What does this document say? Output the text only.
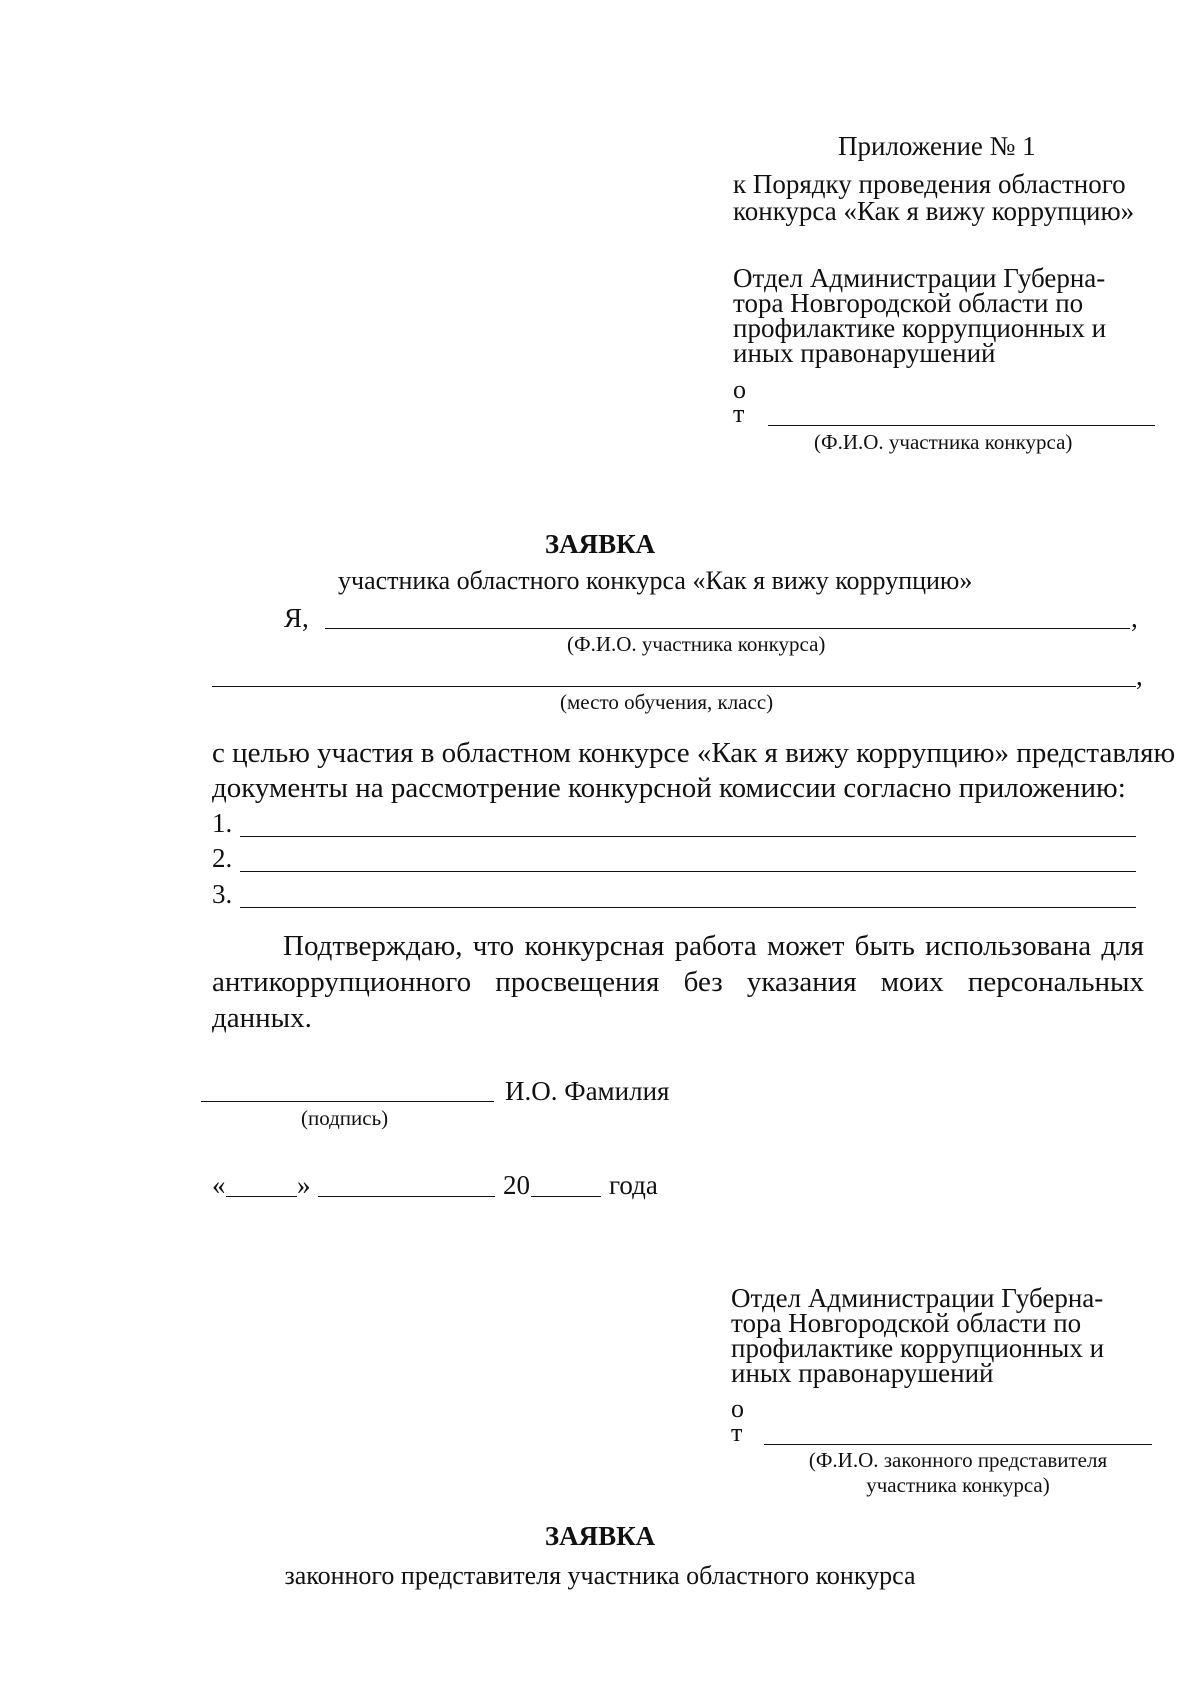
Приложение № 1
к Порядку проведения областного
конкурса «Как я вижу коррупцию»
Отдел Администрации Губерна-
тора Новгородской области по
профилактике коррупционных и
иных правонарушений
о
т
(Ф.И.О. участника конкурса)
ЗАЯВКА
участника областного конкурса «Как я вижу коррупцию»
Я,	,
(Ф.И.О. участника конкурса)
,
(место обучения, класс)
с целью участия в областном конкурсе «Как я вижу коррупцию» представляю
документы на рассмотрение конкурсной комиссии согласно приложению:
1.
2.
3.
Подтверждаю, что конкурсная работа может быть использована для антикоррупционного просвещения без указания моих персональных данных.
И.О. Фамилия
(подпись)
«	»	20	года
Отдел Администрации Губерна-
тора Новгородской области по
профилактике коррупционных и
иных правонарушений
о
т
(Ф.И.О. законного представителя
участника конкурса)
ЗАЯВКА
законного представителя участника областного конкурса
